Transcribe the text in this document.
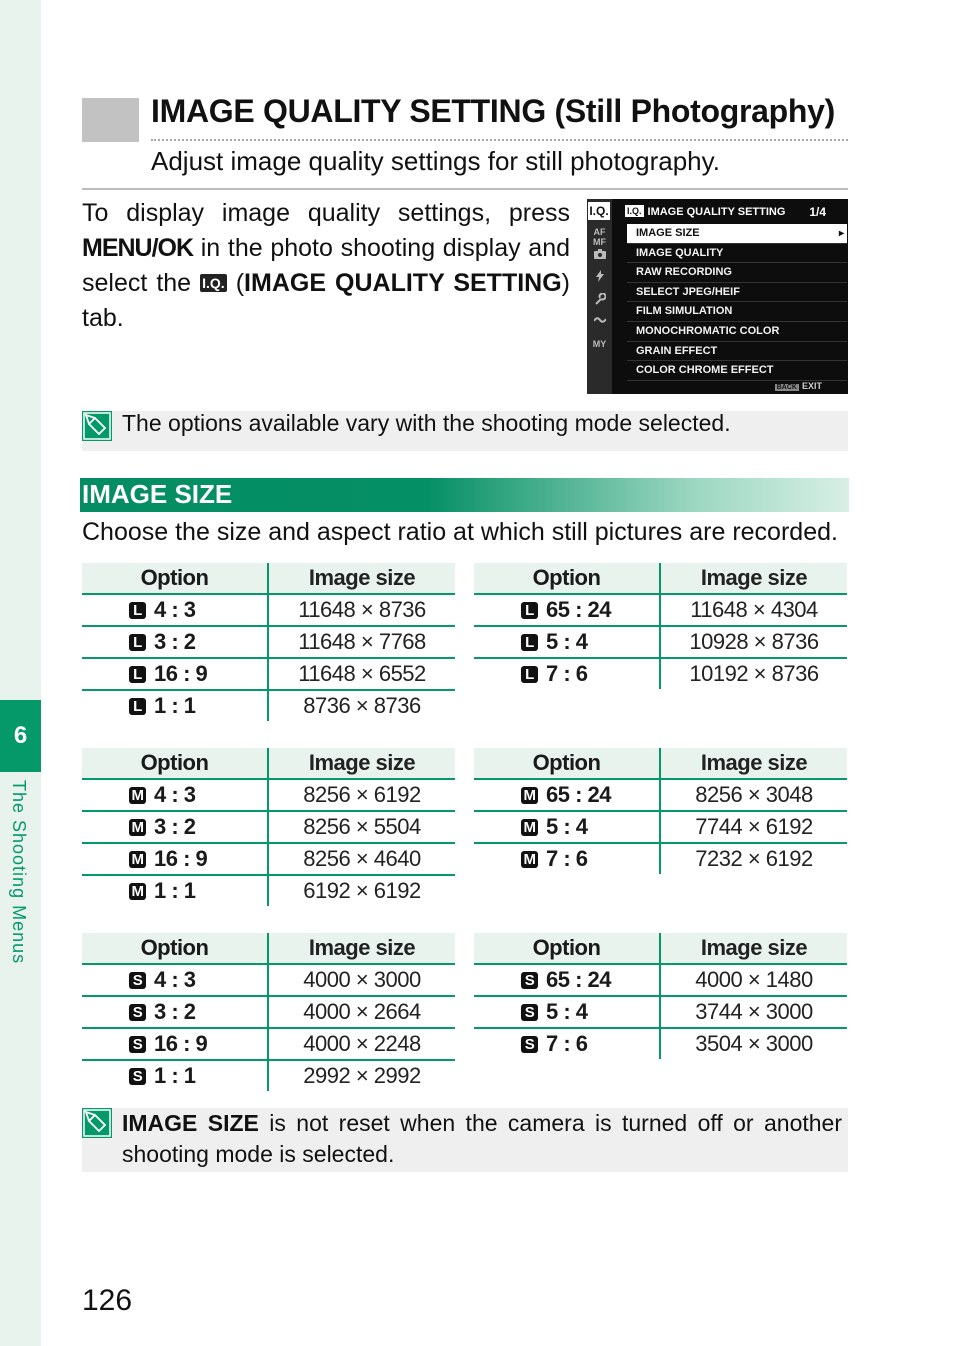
6
The Shooting Menus
IMAGE QUALITY SETTING (Still Photography)
Adjust image quality settings for still photography.
To display image quality settings, press MENU/OK in the photo shooting display and select the I.Q. (IMAGE QUALITY SETTING) tab.
I.Q.
AF MF
MY
I.Q. IMAGE QUALITY SETTING	1/4
IMAGE SIZE ▸
IMAGE QUALITY
RAW RECORDING
SELECT JPEG/HEIF
FILM SIMULATION
MONOCHROMATIC COLOR
GRAIN EFFECT
COLOR CHROME EFFECT
BACK EXIT
The options available vary with the shooting mode selected.
IMAGE SIZE
Choose the size and aspect ratio at which still pictures are recorded.
Option	Image size
L 4 : 3	11648 × 8736
L 3 : 2	11648 × 7768
L 16 : 9	11648 × 6552
L 1 : 1	8736 × 8736
Option	Image size
L 65 : 24	11648 × 4304
L 5 : 4	10928 × 8736
L 7 : 6	10192 × 8736
Option	Image size
M 4 : 3	8256 × 6192
M 3 : 2	8256 × 5504
M 16 : 9	8256 × 4640
M 1 : 1	6192 × 6192
Option	Image size
M 65 : 24	8256 × 3048
M 5 : 4	7744 × 6192
M 7 : 6	7232 × 6192
Option	Image size
S 4 : 3	4000 × 3000
S 3 : 2	4000 × 2664
S 16 : 9	4000 × 2248
S 1 : 1	2992 × 2992
Option	Image size
S 65 : 24	4000 × 1480
S 5 : 4	3744 × 3000
S 7 : 6	3504 × 3000
IMAGE SIZE is not reset when the camera is turned off or another shooting mode is selected.
126
